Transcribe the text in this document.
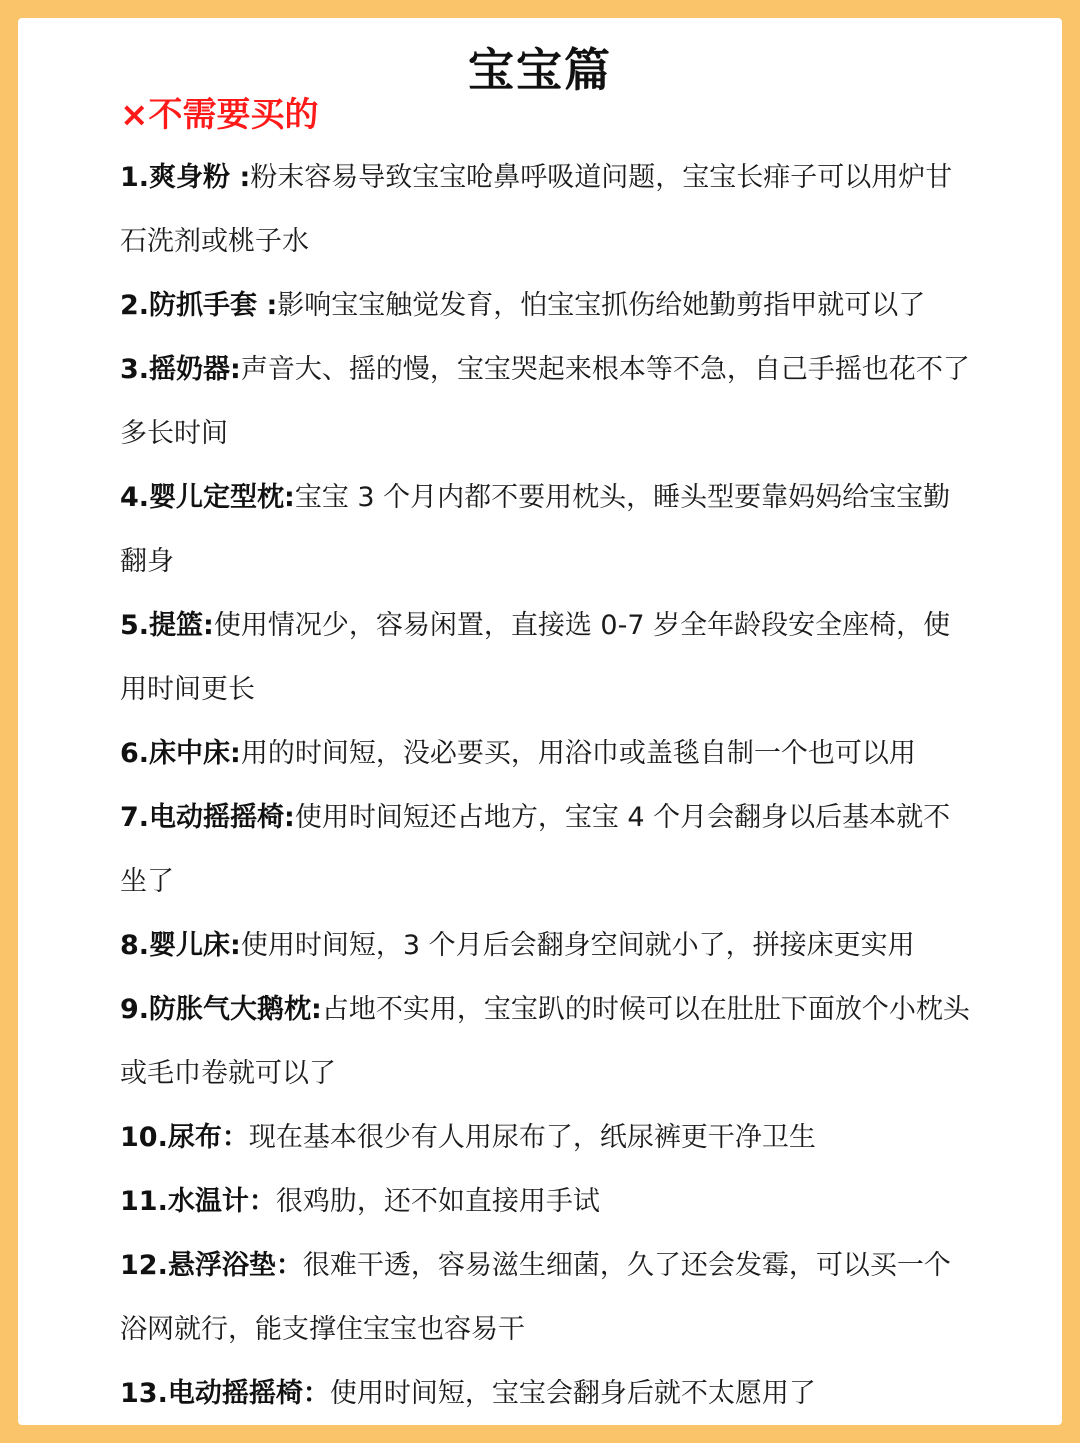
宝宝篇
×不需要买的
1.爽身粉 :粉末容易导致宝宝呛鼻呼吸道问题，宝宝长痱子可以用炉甘石洗剂或桃子水
2.防抓手套 :影响宝宝触觉发育，怕宝宝抓伤给她勤剪指甲就可以了
3.摇奶器:声音大、摇的慢，宝宝哭起来根本等不急，自己手摇也花不了多长时间
4.婴儿定型枕:宝宝 3 个月内都不要用枕头，睡头型要靠妈妈给宝宝勤翻身
5.提篮:使用情况少，容易闲置，直接选 0-7 岁全年龄段安全座椅，使用时间更长
6.床中床:用的时间短，没必要买，用浴巾或盖毯自制一个也可以用
7.电动摇摇椅:使用时间短还占地方，宝宝 4 个月会翻身以后基本就不坐了
8.婴儿床:使用时间短，3 个月后会翻身空间就小了，拼接床更实用
9.防胀气大鹅枕:占地不实用，宝宝趴的时候可以在肚肚下面放个小枕头或毛巾卷就可以了
10.尿布：现在基本很少有人用尿布了，纸尿裤更干净卫生
11.水温计：很鸡肋，还不如直接用手试
12.悬浮浴垫：很难干透，容易滋生细菌，久了还会发霉，可以买一个浴网就行，能支撑住宝宝也容易干
13.电动摇摇椅：使用时间短，宝宝会翻身后就不太愿用了
